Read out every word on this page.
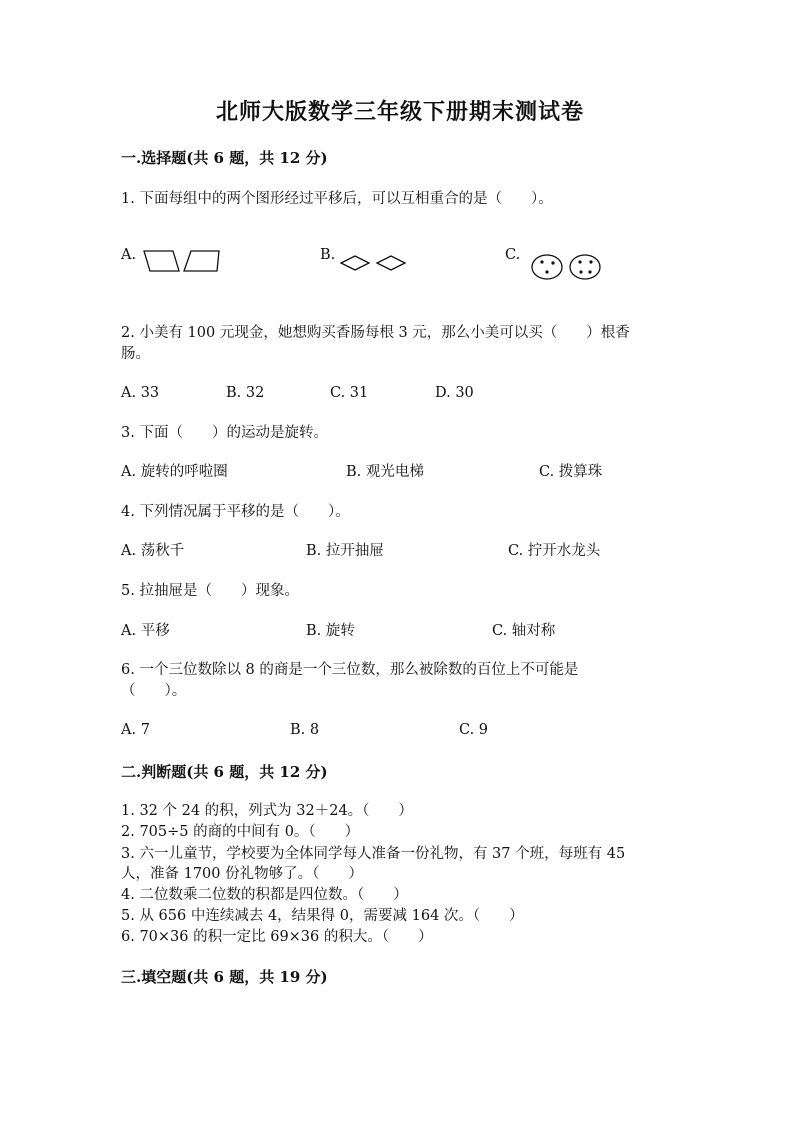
北师大版数学三年级下册期末测试卷
一.选择题(共 6 题，共 12 分)
1. 下面每组中的两个图形经过平移后，可以互相重合的是（　　）。
A.	B.	C.
2. 小美有 100 元现金，她想购买香肠每根 3 元，那么小美可以买（　　）根香
肠。
A. 33	B. 32	C. 31	D. 30
3. 下面（　　）的运动是旋转。
A. 旋转的呼啦圈	B. 观光电梯	C. 拨算珠
4. 下列情况属于平移的是（　　）。
A. 荡秋千	B. 拉开抽屉	C. 拧开水龙头
5. 拉抽屉是（　　）现象。
A. 平移	B. 旋转	C. 轴对称
6. 一个三位数除以 8 的商是一个三位数，那么被除数的百位上不可能是
（　　）。
A. 7	B. 8	C. 9
二.判断题(共 6 题，共 12 分)
1. 32 个 24 的积，列式为 32＋24。（　　）
2. 705÷5 的商的中间有 0。（　　）
3. 六一儿童节，学校要为全体同学每人准备一份礼物，有 37 个班，每班有 45
人，准备 1700 份礼物够了。（　　）
4. 二位数乘二位数的积都是四位数。（　　）
5. 从 656 中连续减去 4，结果得 0，需要减 164 次。（　　）
6. 70×36 的积一定比 69×36 的积大。（　　）
三.填空题(共 6 题，共 19 分)
